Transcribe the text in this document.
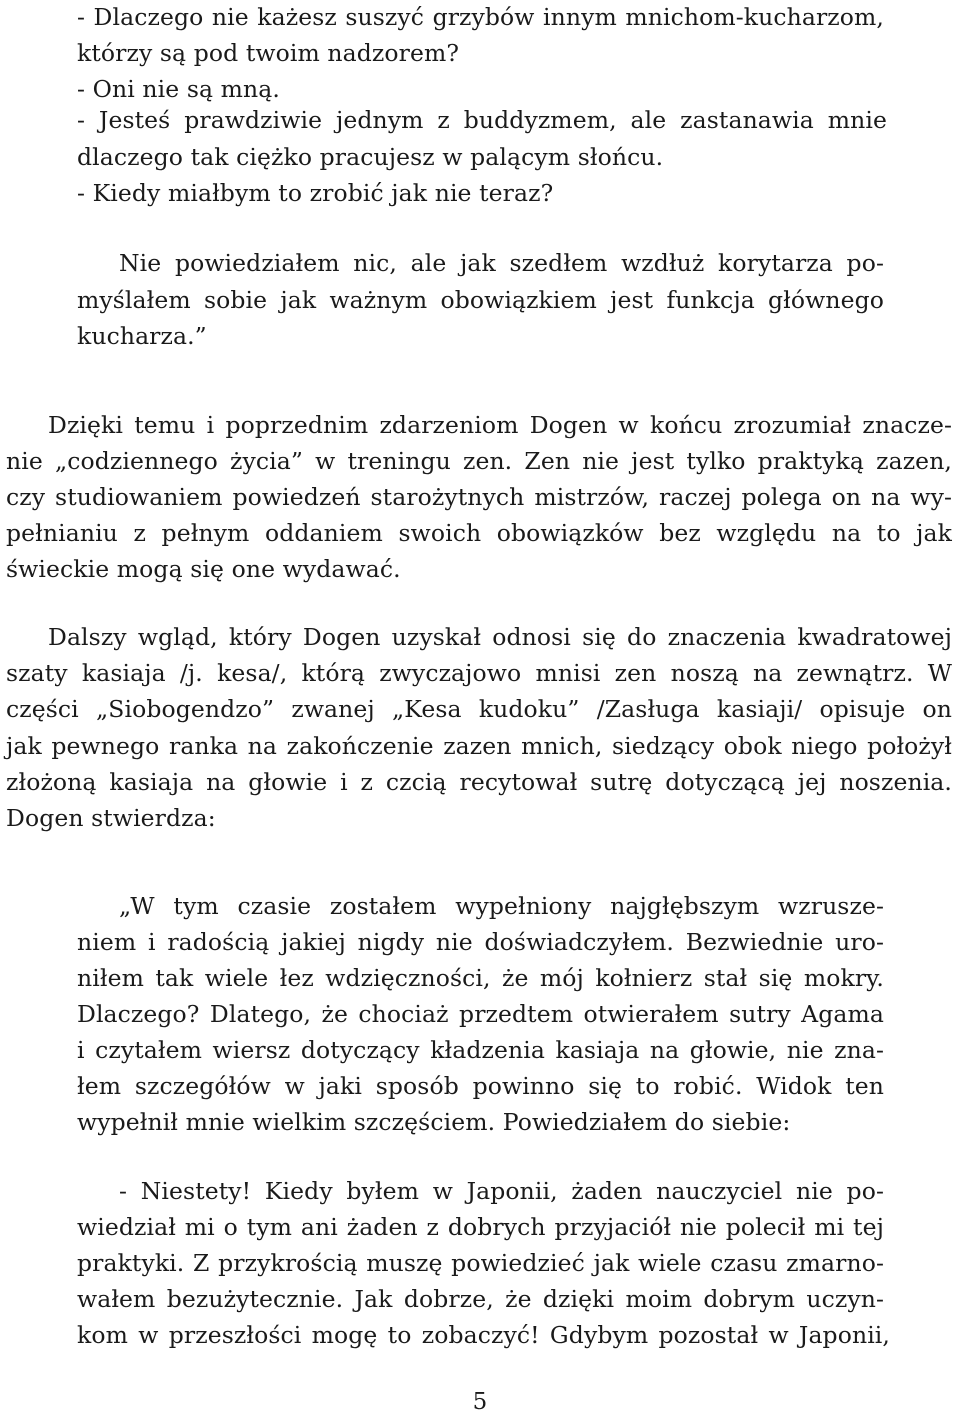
- Dlaczego nie każesz suszyć grzybów innym mnichom-kucharzom,
którzy są pod twoim nadzorem?
- Oni nie są mną.
- Jesteś prawdziwie jednym z buddyzmem, ale zastanawia mnie
dlaczego tak ciężko pracujesz w palącym słońcu.
- Kiedy miałbym to zrobić jak nie teraz?
Nie powiedziałem nic, ale jak szedłem wzdłuż korytarza po-
myślałem sobie jak ważnym obowiązkiem jest funkcja głównego
kucharza.”
Dzięki temu i poprzednim zdarzeniom Dogen w końcu zrozumiał znacze-
nie „codziennego życia” w treningu zen. Zen nie jest tylko praktyką zazen,
czy studiowaniem powiedzeń starożytnych mistrzów, raczej polega on na wy-
pełnianiu z pełnym oddaniem swoich obowiązków bez względu na to jak
świeckie mogą się one wydawać.
Dalszy wgląd, który Dogen uzyskał odnosi się do znaczenia kwadratowej
szaty kasiaja /j. kesa/, którą zwyczajowo mnisi zen noszą na zewnątrz. W
części „Siobogendzo” zwanej „Kesa kudoku” /Zasługa kasiaji/ opisuje on
jak pewnego ranka na zakończenie zazen mnich, siedzący obok niego położył
złożoną kasiaja na głowie i z czcią recytował sutrę dotyczącą jej noszenia.
Dogen stwierdza:
„W tym czasie zostałem wypełniony najgłębszym wzrusze-
niem i radością jakiej nigdy nie doświadczyłem. Bezwiednie uro-
niłem tak wiele łez wdzięczności, że mój kołnierz stał się mokry.
Dlaczego? Dlatego, że chociaż przedtem otwierałem sutry Agama
i czytałem wiersz dotyczący kładzenia kasiaja na głowie, nie zna-
łem szczegółów w jaki sposób powinno się to robić. Widok ten
wypełnił mnie wielkim szczęściem. Powiedziałem do siebie:
- Niestety! Kiedy byłem w Japonii, żaden nauczyciel nie po-
wiedział mi o tym ani żaden z dobrych przyjaciół nie polecił mi tej
praktyki. Z przykrością muszę powiedzieć jak wiele czasu zmarno-
wałem bezużytecznie. Jak dobrze, że dzięki moim dobrym uczyn-
kom w przeszłości mogę to zobaczyć! Gdybym pozostał w Japonii,
5
